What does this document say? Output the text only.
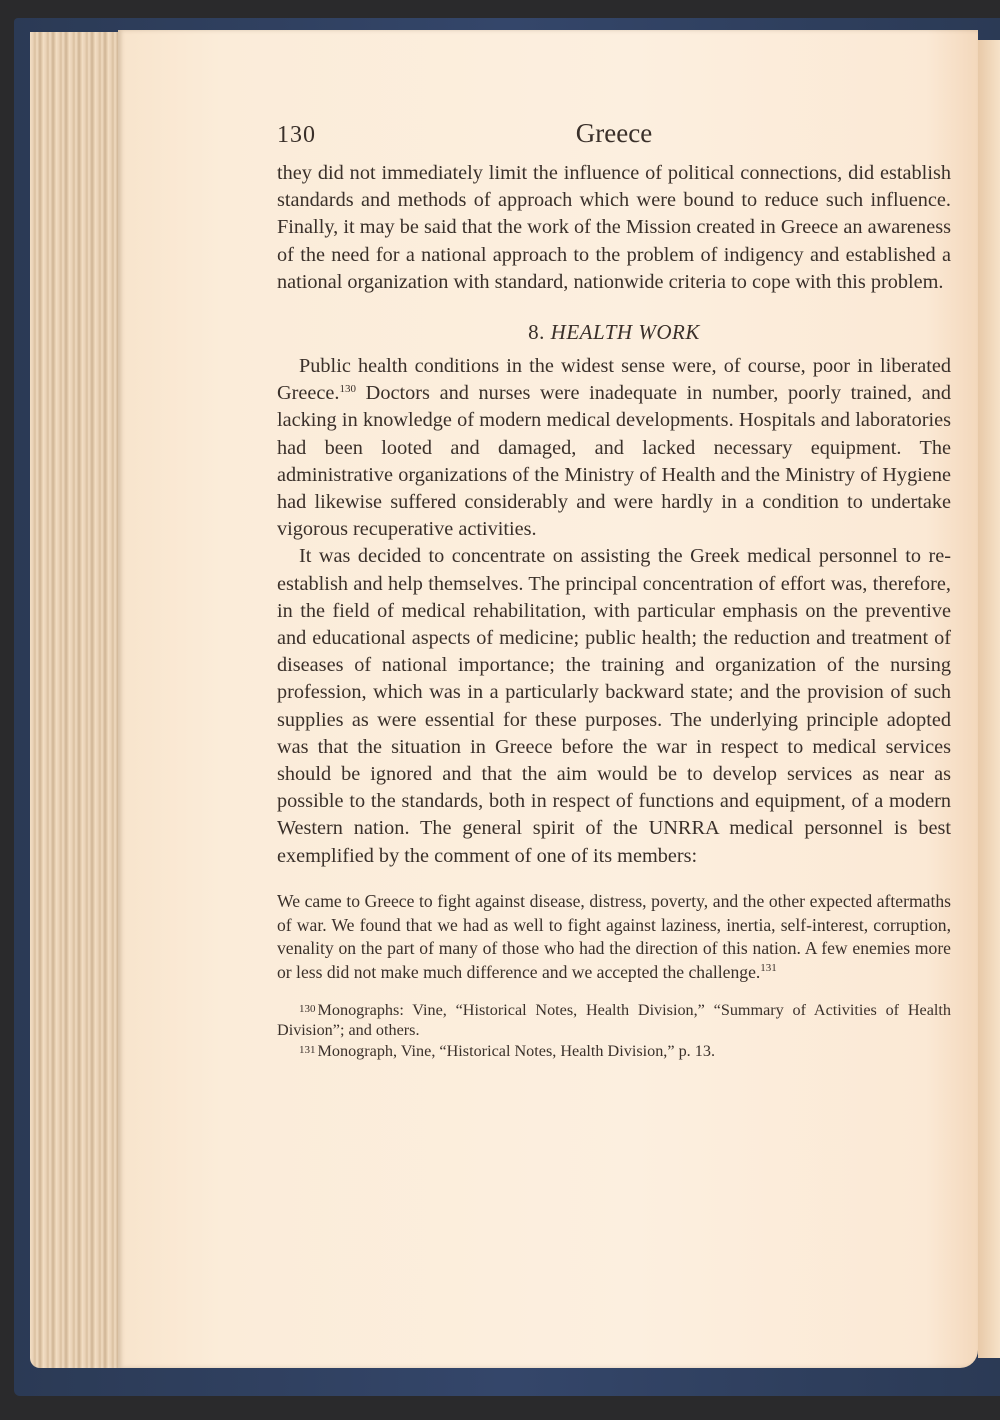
130	Greece

they did not immediately limit the influence of political connections, did establish standards and methods of approach which were bound to reduce such influence. Finally, it may be said that the work of the Mission created in Greece an awareness of the need for a national approach to the problem of indigency and established a national organization with standard, nationwide criteria to cope with this problem.

8. HEALTH WORK

Public health conditions in the widest sense were, of course, poor in liberated Greece.$^{130}$ Doctors and nurses were inadequate in number, poorly trained, and lacking in knowledge of modern medical developments. Hospitals and laboratories had been looted and damaged, and lacked necessary equipment. The administrative organizations of the Ministry of Health and the Ministry of Hygiene had likewise suffered considerably and were hardly in a condition to undertake vigorous recuperative activities.

It was decided to concentrate on assisting the Greek medical personnel to re-establish and help themselves. The principal concentration of effort was, therefore, in the field of medical rehabilitation, with particular emphasis on the preventive and educational aspects of medicine; public health; the reduction and treatment of diseases of national importance; the training and organization of the nursing profession, which was in a particularly backward state; and the provision of such supplies as were essential for these purposes. The underlying principle adopted was that the situation in Greece before the war in respect to medical services should be ignored and that the aim would be to develop services as near as possible to the standards, both in respect of functions and equipment, of a modern Western nation. The general spirit of the UNRRA medical personnel is best exemplified by the comment of one of its members:

We came to Greece to fight against disease, distress, poverty, and the other expected aftermaths of war. We found that we had as well to fight against laziness, inertia, self-interest, corruption, venality on the part of many of those who had the direction of this nation. A few enemies more or less did not make much difference and we accepted the challenge.$^{131}$

130 Monographs: Vine, “Historical Notes, Health Division,” “Summary of Activities of Health Division”; and others.

131 Monograph, Vine, “Historical Notes, Health Division,” p. 13.
